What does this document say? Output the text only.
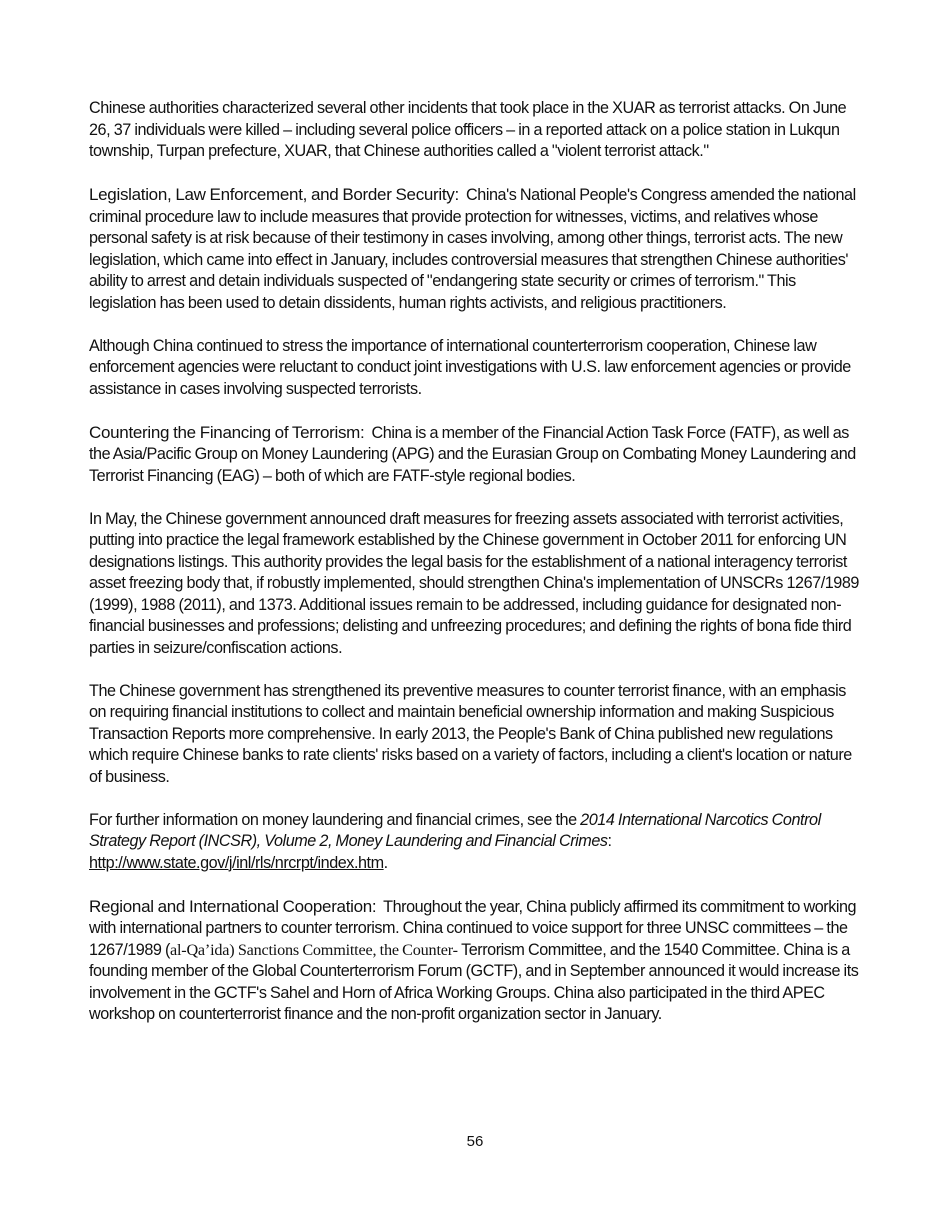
Chinese authorities characterized several other incidents that took place in the XUAR as terrorist attacks. On June 26, 37 individuals were killed – including several police officers – in a reported attack on a police station in Lukqun township, Turpan prefecture, XUAR, that Chinese authorities called a "violent terrorist attack."

Legislation, Law Enforcement, and Border Security: China's National People's Congress amended the national criminal procedure law to include measures that provide protection for witnesses, victims, and relatives whose personal safety is at risk because of their testimony in cases involving, among other things, terrorist acts. The new legislation, which came into effect in January, includes controversial measures that strengthen Chinese authorities' ability to arrest and detain individuals suspected of "endangering state security or crimes of terrorism." This legislation has been used to detain dissidents, human rights activists, and religious practitioners.

Although China continued to stress the importance of international counterterrorism cooperation, Chinese law enforcement agencies were reluctant to conduct joint investigations with U.S. law enforcement agencies or provide assistance in cases involving suspected terrorists.

Countering the Financing of Terrorism: China is a member of the Financial Action Task Force (FATF), as well as the Asia/Pacific Group on Money Laundering (APG) and the Eurasian Group on Combating Money Laundering and Terrorist Financing (EAG) – both of which are FATF-style regional bodies.

In May, the Chinese government announced draft measures for freezing assets associated with terrorist activities, putting into practice the legal framework established by the Chinese government in October 2011 for enforcing UN designations listings. This authority provides the legal basis for the establishment of a national interagency terrorist asset freezing body that, if robustly implemented, should strengthen China's implementation of UNSCRs 1267/1989 (1999), 1988 (2011), and 1373. Additional issues remain to be addressed, including guidance for designated non-financial businesses and professions; delisting and unfreezing procedures; and defining the rights of bona fide third parties in seizure/confiscation actions.

The Chinese government has strengthened its preventive measures to counter terrorist finance, with an emphasis on requiring financial institutions to collect and maintain beneficial ownership information and making Suspicious Transaction Reports more comprehensive. In early 2013, the People's Bank of China published new regulations which require Chinese banks to rate clients' risks based on a variety of factors, including a client's location or nature of business.

For further information on money laundering and financial crimes, see the 2014 International Narcotics Control Strategy Report (INCSR), Volume 2, Money Laundering and Financial Crimes: http://www.state.gov/j/inl/rls/nrcrpt/index.htm.

Regional and International Cooperation: Throughout the year, China publicly affirmed its commitment to working with international partners to counter terrorism. China continued to voice support for three UNSC committees – the 1267/1989 (al-Qa’ida) Sanctions Committee, the Counter- Terrorism Committee, and the 1540 Committee. China is a founding member of the Global Counterterrorism Forum (GCTF), and in September announced it would increase its involvement in the GCTF's Sahel and Horn of Africa Working Groups. China also participated in the third APEC workshop on counterterrorist finance and the non-profit organization sector in January.

56
